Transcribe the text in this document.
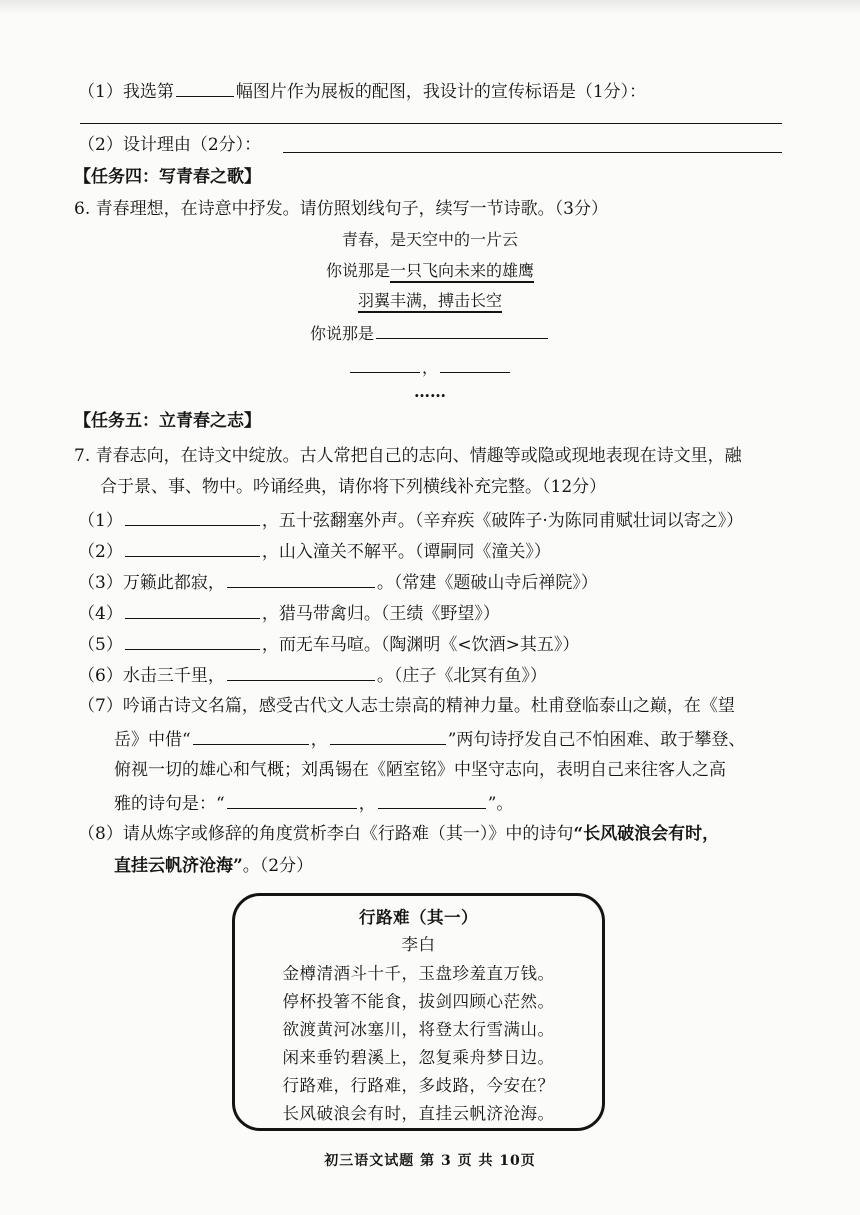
（1）我选第	幅图片作为展板的配图，我设计的宣传标语是（1分）：
（2）设计理由（2分）：
【任务四：写青春之歌】
6. 青春理想，在诗意中抒发。请仿照划线句子，续写一节诗歌。（3分）
青春，是天空中的一片云
你说那是一只飞向未来的雄鹰
羽翼丰满，搏击长空
你说那是
，
……
【任务五：立青春之志】
7. 青春志向，在诗文中绽放。古人常把自己的志向、情趣等或隐或现地表现在诗文里，融
合于景、事、物中。吟诵经典，请你将下列横线补充完整。（12分）
（1）	，五十弦翻塞外声。（辛弃疾《破阵子·为陈同甫赋壮词以寄之》）
（2）	，山入潼关不解平。（谭嗣同《潼关》）
（3）万籁此都寂，	。（常建《题破山寺后禅院》）
（4）	，猎马带禽归。（王绩《野望》）
（5）	，而无车马喧。（陶渊明《<饮酒>其五》）
（6）水击三千里，	。（庄子《北冥有鱼》）
（7）吟诵古诗文名篇，感受古代文人志士崇高的精神力量。杜甫登临泰山之巅，在《望
岳》中借“	，	”两句诗抒发自己不怕困难、敢于攀登、
俯视一切的雄心和气概；刘禹锡在《陋室铭》中坚守志向，表明自己来往客人之高
雅的诗句是：“	，	”。
（8）请从炼字或修辞的角度赏析李白《行路难（其一）》中的诗句“长风破浪会有时，
直挂云帆济沧海”。（2分）
行路难（其一）
李白
金樽清酒斗十千，玉盘珍羞直万钱。
停杯投箸不能食，拔剑四顾心茫然。
欲渡黄河冰塞川，将登太行雪满山。
闲来垂钓碧溪上，忽复乘舟梦日边。
行路难，行路难，多歧路，今安在？
长风破浪会有时，直挂云帆济沧海。
初三语文试题 第 3 页 共 10页
